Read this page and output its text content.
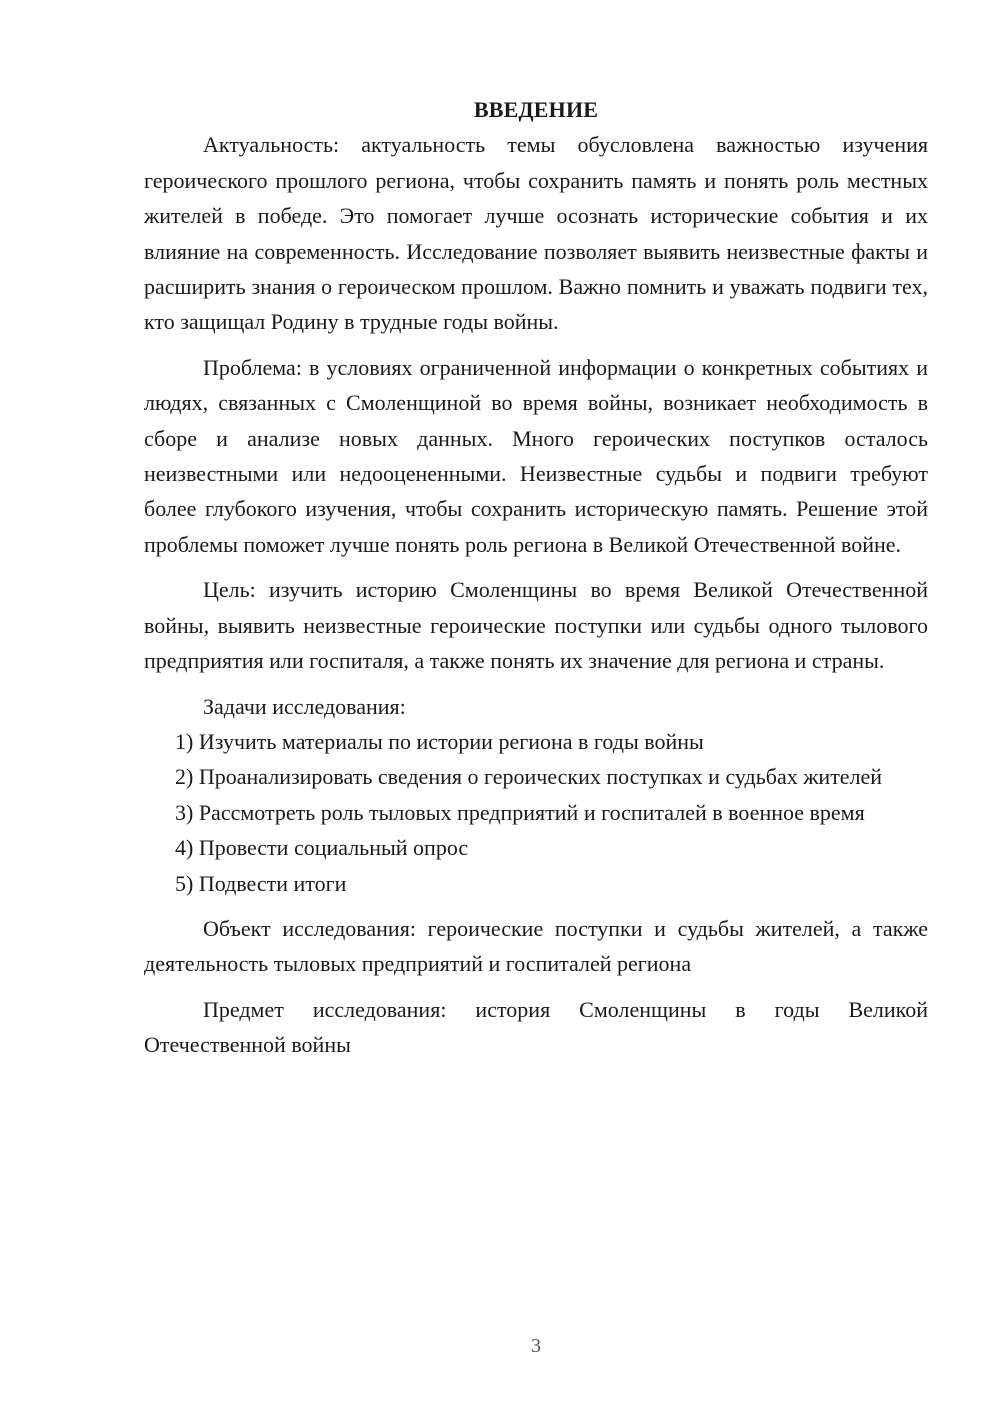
ВВЕДЕНИЕ

Актуальность: актуальность темы обусловлена важностью изучения героического прошлого региона, чтобы сохранить память и понять роль местных жителей в победе. Это помогает лучше осознать исторические события и их влияние на современность. Исследование позволяет выявить неизвестные факты и расширить знания о героическом прошлом. Важно помнить и уважать подвиги тех, кто защищал Родину в трудные годы войны.

Проблема: в условиях ограниченной информации о конкретных событиях и людях, связанных с Смоленщиной во время войны, возникает необходимость в сборе и анализе новых данных. Много героических поступков осталось неизвестными или недооцененными. Неизвестные судьбы и подвиги требуют более глубокого изучения, чтобы сохранить историческую память. Решение этой проблемы поможет лучше понять роль региона в Великой Отечественной войне.

Цель: изучить историю Смоленщины во время Великой Отечественной войны, выявить неизвестные героические поступки или судьбы одного тылового предприятия или госпиталя, а также понять их значение для региона и страны.

Задачи исследования:

1) Изучить материалы по истории региона в годы войны

2) Проанализировать сведения о героических поступках и судьбах жителей

3) Рассмотреть роль тыловых предприятий и госпиталей в военное время

4) Провести социальный опрос

5) Подвести итоги

Объект исследования: героические поступки и судьбы жителей, а также деятельность тыловых предприятий и госпиталей региона

Предмет исследования: история Смоленщины в годы Великой Отечественной войны

3
